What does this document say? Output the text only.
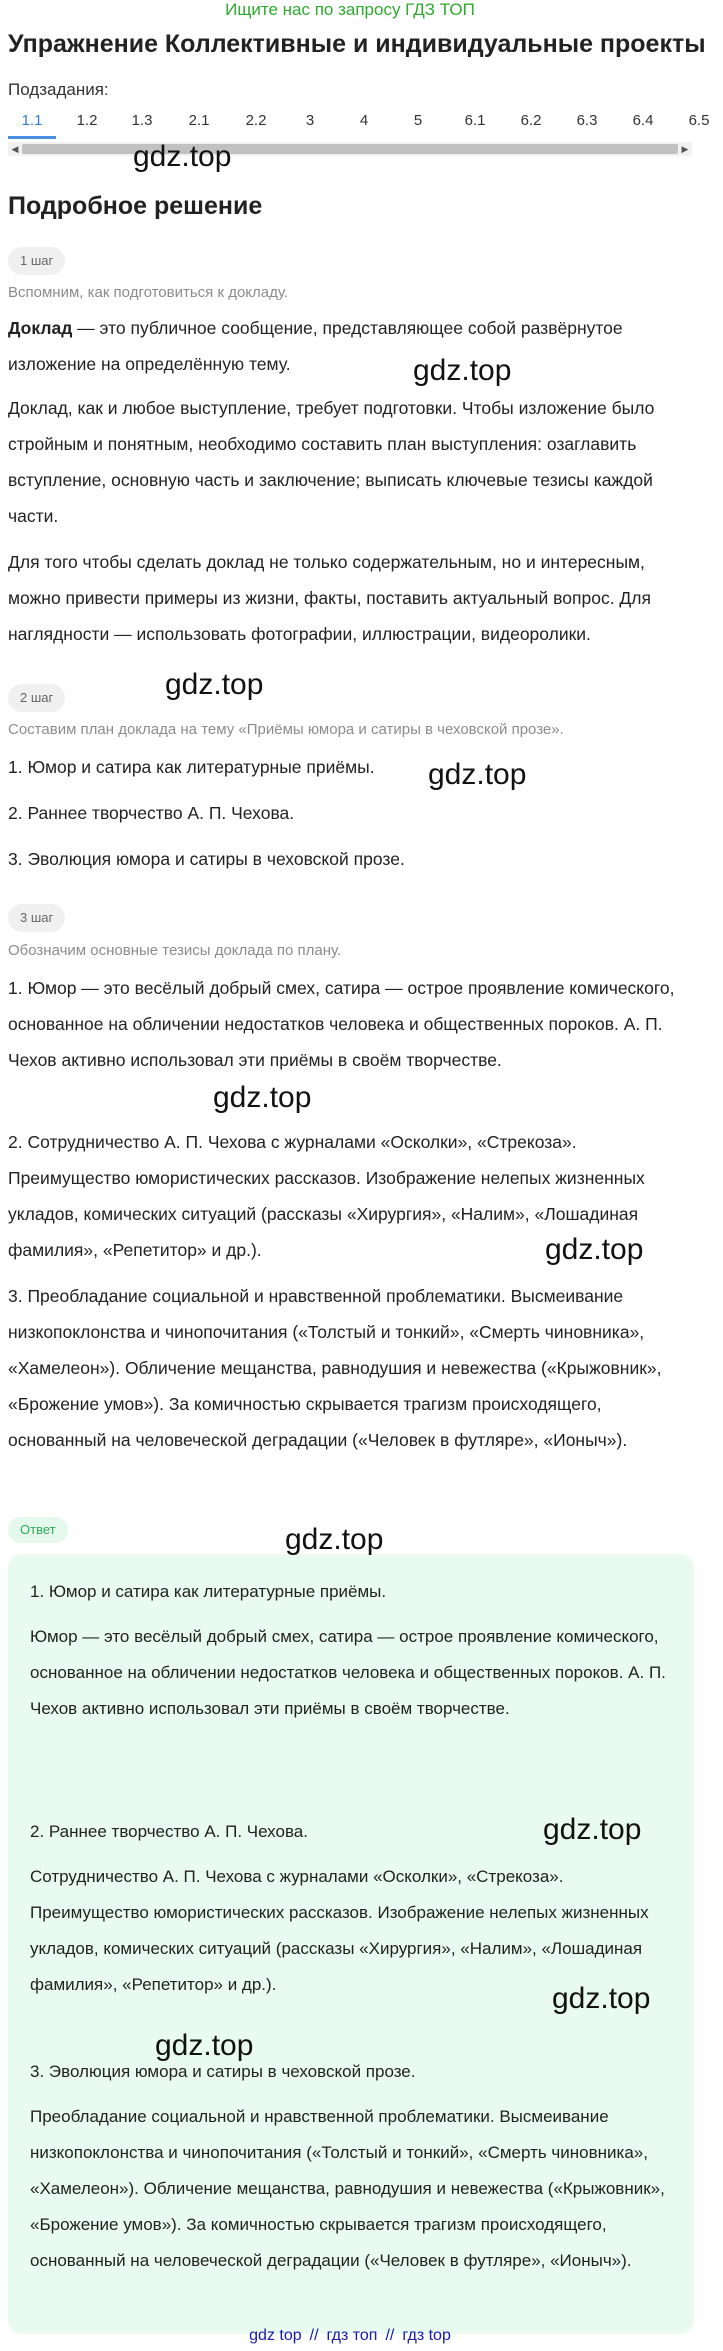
Ищите нас по запросу ГДЗ ТОП
Упражнение Коллективные и индивидуальные проекты
Подзадания:
1.1	1.2	1.3	2.1	2.2	3	4	5	6.1	6.2	6.3	6.4	6.5
◀	▶
gdz.top
gdz.top
gdz.top
gdz.top
gdz.top
gdz.top
gdz.top
gdz.top
gdz.top
gdz.top
Подробное решение
1 шаг
Вспомним, как подготовиться к докладу.

Доклад — это публичное сообщение, представляющее собой развёрнутое изложение на определённую тему.

Доклад, как и любое выступление, требует подготовки. Чтобы изложение было стройным и понятным, необходимо составить план выступления: озаглавить вступление, основную часть и заключение; выписать ключевые тезисы каждой части.

Для того чтобы сделать доклад не только содержательным, но и интересным, можно привести примеры из жизни, факты, поставить актуальный вопрос. Для наглядности — использовать фотографии, иллюстрации, видеоролики.

2 шаг
Составим план доклада на тему «Приёмы юмора и сатиры в чеховской прозе».

1. Юмор и сатира как литературные приёмы.

2. Раннее творчество А. П. Чехова.

3. Эволюция юмора и сатиры в чеховской прозе.

3 шаг
Обозначим основные тезисы доклада по плану.

1. Юмор — это весёлый добрый смех, сатира — острое проявление комического, основанное на обличении недостатков человека и общественных пороков. А. П. Чехов активно использовал эти приёмы в своём творчестве.

2. Сотрудничество А. П. Чехова с журналами «Осколки», «Стрекоза». Преимущество юмористических рассказов. Изображение нелепых жизненных укладов, комических ситуаций (рассказы «Хирургия», «Налим», «Лошадиная фамилия», «Репетитор» и др.).

3. Преобладание социальной и нравственной проблематики. Высмеивание низкопоклонства и чинопочитания («Толстый и тонкий», «Смерть чиновника», «Хамелеон»). Обличение мещанства, равнодушия и невежества («Крыжовник», «Брожение умов»). За комичностью скрывается трагизм происходящего, основанный на человеческой деградации («Человек в футляре», «Ионыч»).

Ответ

1. Юмор и сатира как литературные приёмы.

Юмор — это весёлый добрый смех, сатира — острое проявление комического, основанное на обличении недостатков человека и общественных пороков. А. П. Чехов активно использовал эти приёмы в своём творчестве.

2. Раннее творчество А. П. Чехова.

Сотрудничество А. П. Чехова с журналами «Осколки», «Стрекоза». Преимущество юмористических рассказов. Изображение нелепых жизненных укладов, комических ситуаций (рассказы «Хирургия», «Налим», «Лошадиная фамилия», «Репетитор» и др.).

3. Эволюция юмора и сатиры в чеховской прозе.

Преобладание социальной и нравственной проблематики. Высмеивание низкопоклонства и чинопочитания («Толстый и тонкий», «Смерть чиновника», «Хамелеон»). Обличение мещанства, равнодушия и невежества («Крыжовник», «Брожение умов»). За комичностью скрывается трагизм происходящего, основанный на человеческой деградации («Человек в футляре», «Ионыч»).

gdz top // гдз топ // гдз top
